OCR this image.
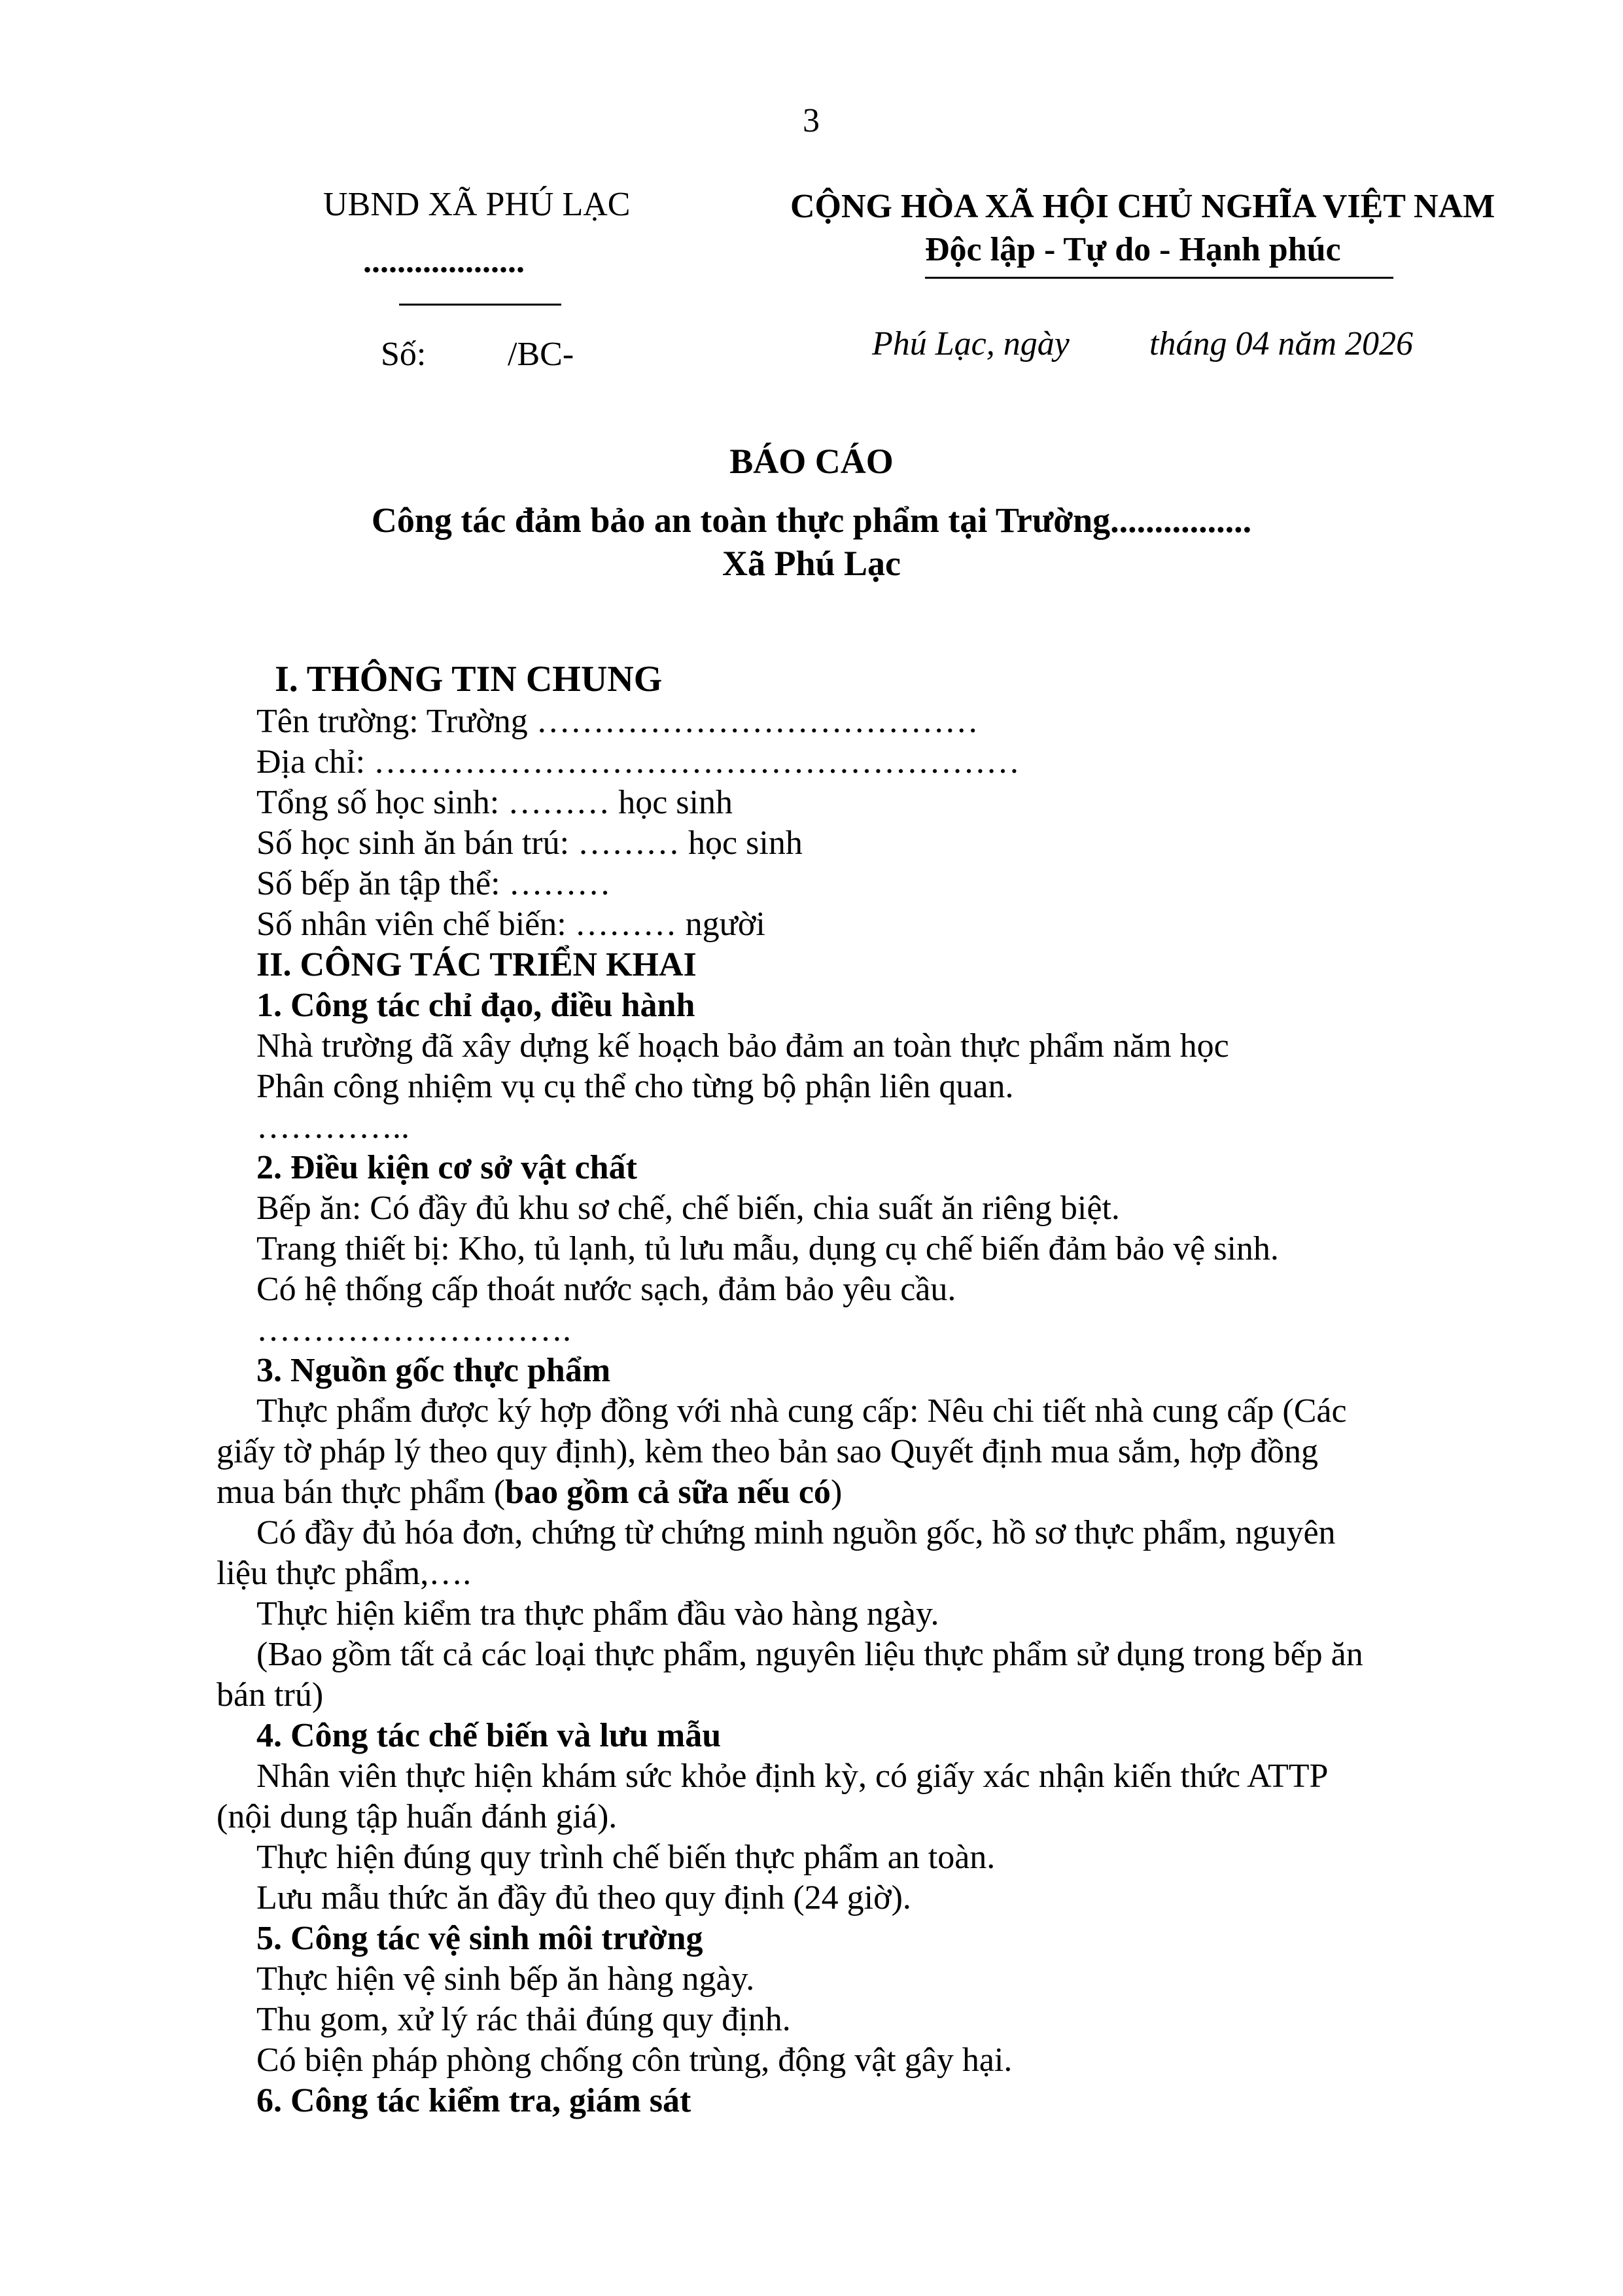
3
UBND XÃ PHÚ LẠC
...................
Số: /BC-
CỘNG HÒA XÃ HỘI CHỦ NGHĨA VIỆT NAM
Độc lập - Tự do - Hạnh phúc
Phú Lạc, ngày tháng 04 năm 2026
BÁO CÁO
Công tác đảm bảo an toàn thực phẩm tại Trường................
Xã Phú Lạc
I. THÔNG TIN CHUNG
Tên trường: Trường …………………………………
Địa chỉ: …………………………………………………
Tổng số học sinh: ……… học sinh
Số học sinh ăn bán trú: ……… học sinh
Số bếp ăn tập thể: ………
Số nhân viên chế biến: ……… người
II. CÔNG TÁC TRIỂN KHAI
1. Công tác chỉ đạo, điều hành
Nhà trường đã xây dựng kế hoạch bảo đảm an toàn thực phẩm năm học
Phân công nhiệm vụ cụ thể cho từng bộ phận liên quan.
…………..
2. Điều kiện cơ sở vật chất
Bếp ăn: Có đầy đủ khu sơ chế, chế biến, chia suất ăn riêng biệt.
Trang thiết bị: Kho, tủ lạnh, tủ lưu mẫu, dụng cụ chế biến đảm bảo vệ sinh.
Có hệ thống cấp thoát nước sạch, đảm bảo yêu cầu.
……………………….
3. Nguồn gốc thực phẩm
Thực phẩm được ký hợp đồng với nhà cung cấp: Nêu chi tiết nhà cung cấp (Các
giấy tờ pháp lý theo quy định), kèm theo bản sao Quyết định mua sắm, hợp đồng
mua bán thực phẩm (bao gồm cả sữa nếu có)
Có đầy đủ hóa đơn, chứng từ chứng minh nguồn gốc, hồ sơ thực phẩm, nguyên
liệu thực phẩm,….
Thực hiện kiểm tra thực phẩm đầu vào hàng ngày.
(Bao gồm tất cả các loại thực phẩm, nguyên liệu thực phẩm sử dụng trong bếp ăn
bán trú)
4. Công tác chế biến và lưu mẫu
Nhân viên thực hiện khám sức khỏe định kỳ, có giấy xác nhận kiến thức ATTP
(nội dung tập huấn đánh giá).
Thực hiện đúng quy trình chế biến thực phẩm an toàn.
Lưu mẫu thức ăn đầy đủ theo quy định (24 giờ).
5. Công tác vệ sinh môi trường
Thực hiện vệ sinh bếp ăn hàng ngày.
Thu gom, xử lý rác thải đúng quy định.
Có biện pháp phòng chống côn trùng, động vật gây hại.
6. Công tác kiểm tra, giám sát
